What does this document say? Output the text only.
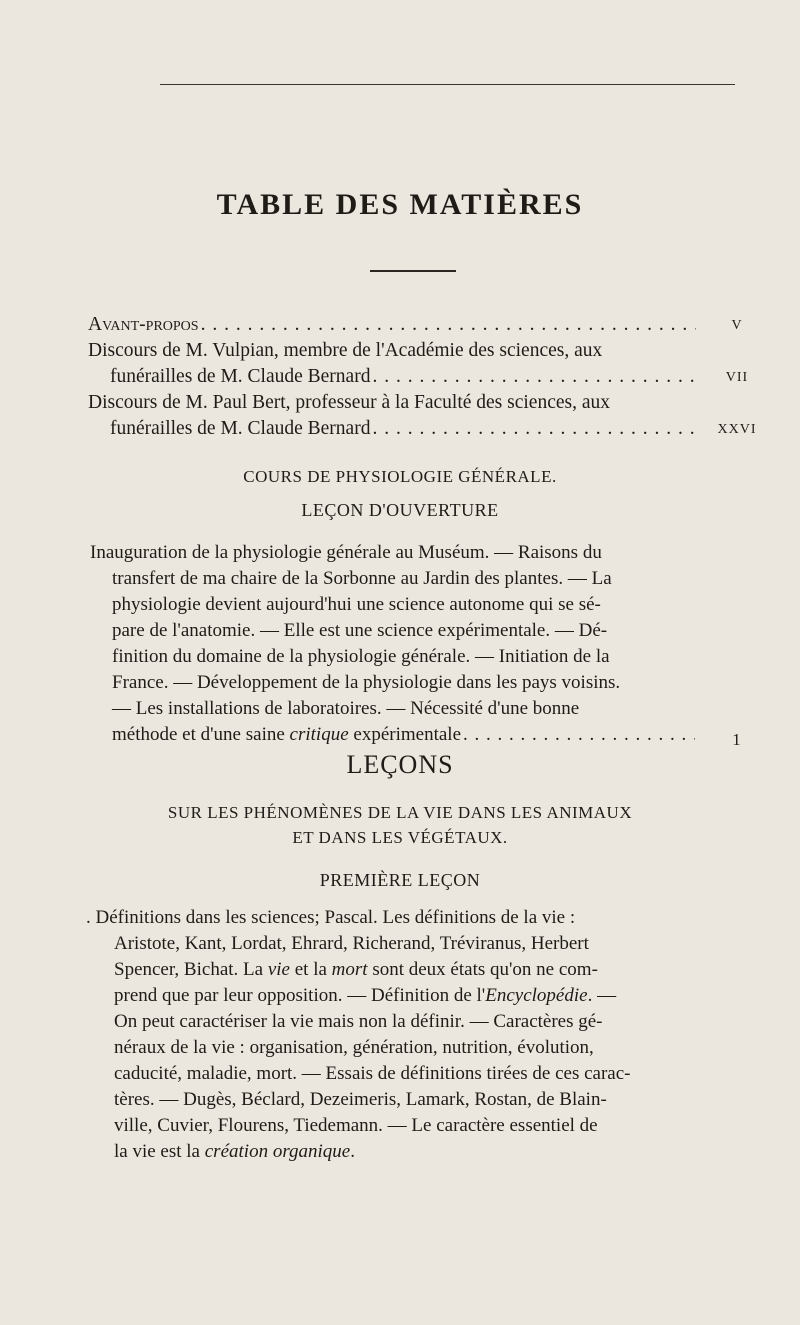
TABLE DES MATIÈRES
Avant-propos . . .	V
Discours de M. Vulpian, membre de l'Académie des sciences, aux
funérailles de M. Claude Bernard . . .	VII
Discours de M. Paul Bert, professeur à la Faculté des sciences, aux
funérailles de M. Claude Bernard . . .	XXVI
COURS DE PHYSIOLOGIE GÉNÉRALE.
LEÇON D'OUVERTURE

Inauguration de la physiologie générale au Muséum. — Raisons du

transfert de ma chaire de la Sorbonne au Jardin des plantes. — La

physiologie devient aujourd'hui une science autonome qui se sé-

pare de l'anatomie. — Elle est une science expérimentale. — Dé-

finition du domaine de la physiologie générale. — Initiation de la

France. — Développement de la physiologie dans les pays voisins.

— Les installations de laboratoires. — Nécessité d'une bonne

méthode et d'une saine critique expérimentale . . .	1
LEÇONS
SUR LES PHÉNOMÈNES DE LA VIE DANS LES ANIMAUX
ET DANS LES VÉGÉTAUX.
PREMIÈRE LEÇON

. Définitions dans les sciences; Pascal. Les définitions de la vie :

Aristote, Kant, Lordat, Ehrard, Richerand, Tréviranus, Herbert

Spencer, Bichat. La vie et la mort sont deux états qu'on ne com-

prend que par leur opposition. — Définition de l'Encyclopédie. —

On peut caractériser la vie mais non la définir. — Caractères gé-

néraux de la vie : organisation, génération, nutrition, évolution,

caducité, maladie, mort. — Essais de définitions tirées de ces carac-

tères. — Dugès, Béclard, Dezeimeris, Lamark, Rostan, de Blain-

ville, Cuvier, Flourens, Tiedemann. — Le caractère essentiel de

la vie est la création organique.
